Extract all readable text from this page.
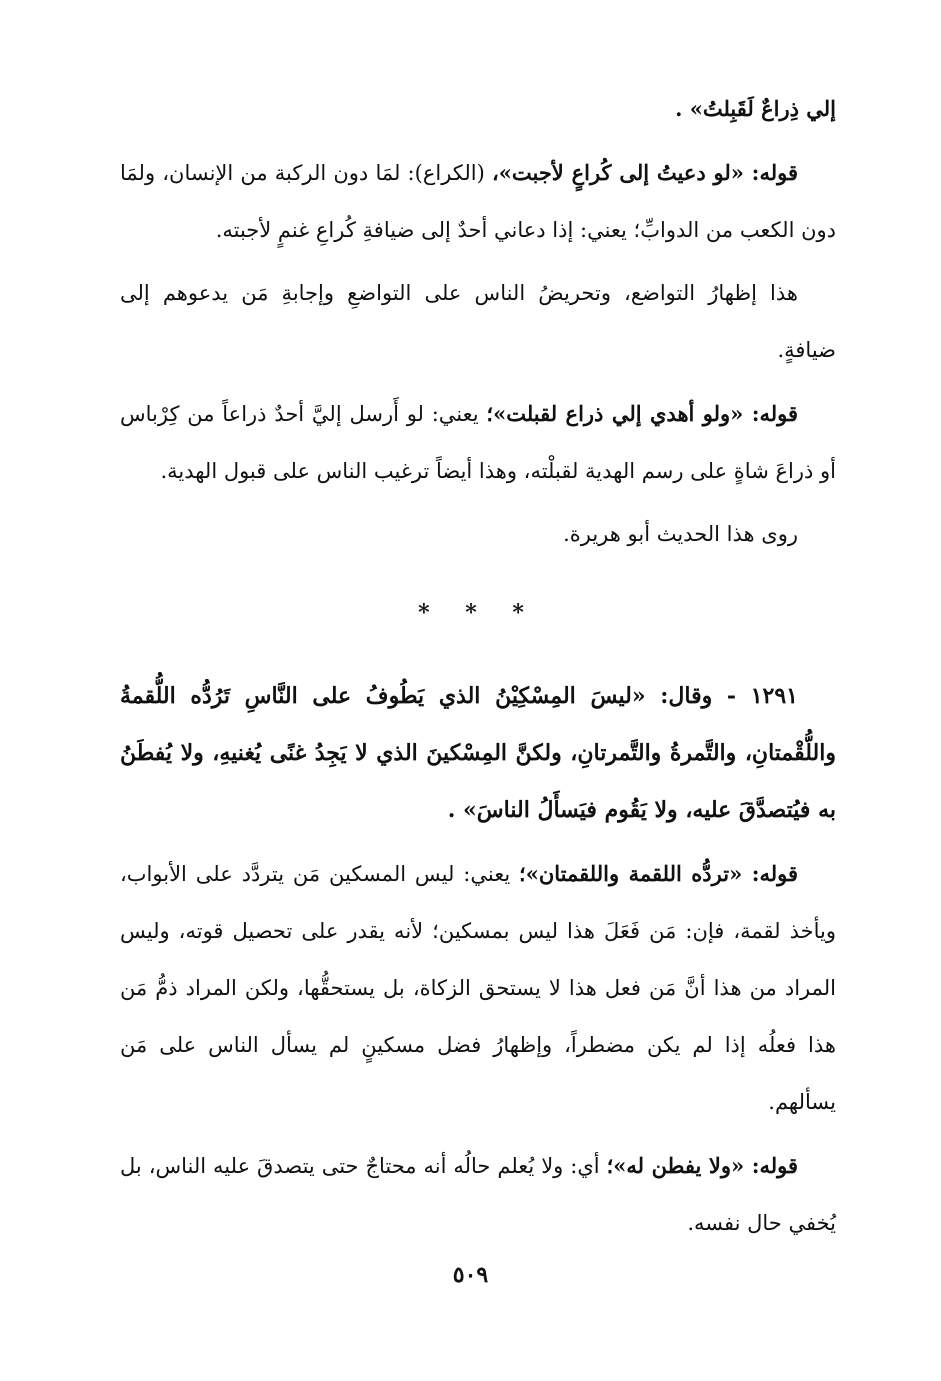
إلي ذِراعٌ لَقَبِلتُ» .

قوله: «لو دعيتُ إلى كُراعٍ لأجبت»، (الكراع): لمَا دون الركبة من الإنسان، ولمَا دون الكعب من الدوابِّ؛ يعني: إذا دعاني أحدٌ إلى ضيافةِ كُراعِ غنمٍ لأجبته.

هذا إظهارُ التواضع، وتحريضُ الناس على التواضعِ وإجابةِ مَن يدعوهم إلى ضيافةٍ.

قوله: «ولو أهدي إلي ذراع لقبلت»؛ يعني: لو أَرسل إليَّ أحدٌ ذراعاً من كِرْباس أو ذراعَ شاةٍ على رسم الهدية لقبلْته، وهذا أيضاً ترغيب الناس على قبول الهدية.

روى هذا الحديث أبو هريرة.

* * *

١٢٩١ - وقال: «ليسَ المِسْكِيْنُ الذي يَطُوفُ على النَّاسِ تَرُدُّه اللُّقمةُ واللُّقْمتانِ، والتَّمرةُ والتَّمرتانِ، ولكنَّ المِسْكينَ الذي لا يَجِدُ غنًى يُغنيهِ، ولا يُفطَنُ به فيُتصدَّقَ عليه، ولا يَقُوم فيَسأَلُ الناسَ» .

قوله: «تردُّه اللقمة واللقمتان»؛ يعني: ليس المسكين مَن يتردَّد على الأبواب، ويأخذ لقمة، فإن: مَن فَعَلَ هذا ليس بمسكين؛ لأنه يقدر على تحصيل قوته، وليس المراد من هذا أنَّ مَن فعل هذا لا يستحق الزكاة، بل يستحقُّها، ولكن المراد ذمُّ مَن هذا فعلُه إذا لم يكن مضطراً، وإظهارُ فضل مسكينٍ لم يسأل الناس على مَن يسألهم.

قوله: «ولا يفطن له»؛ أي: ولا يُعلم حالُه أنه محتاجٌ حتى يتصدقَ عليه الناس، بل يُخفي حال نفسه.

٥٠٩
